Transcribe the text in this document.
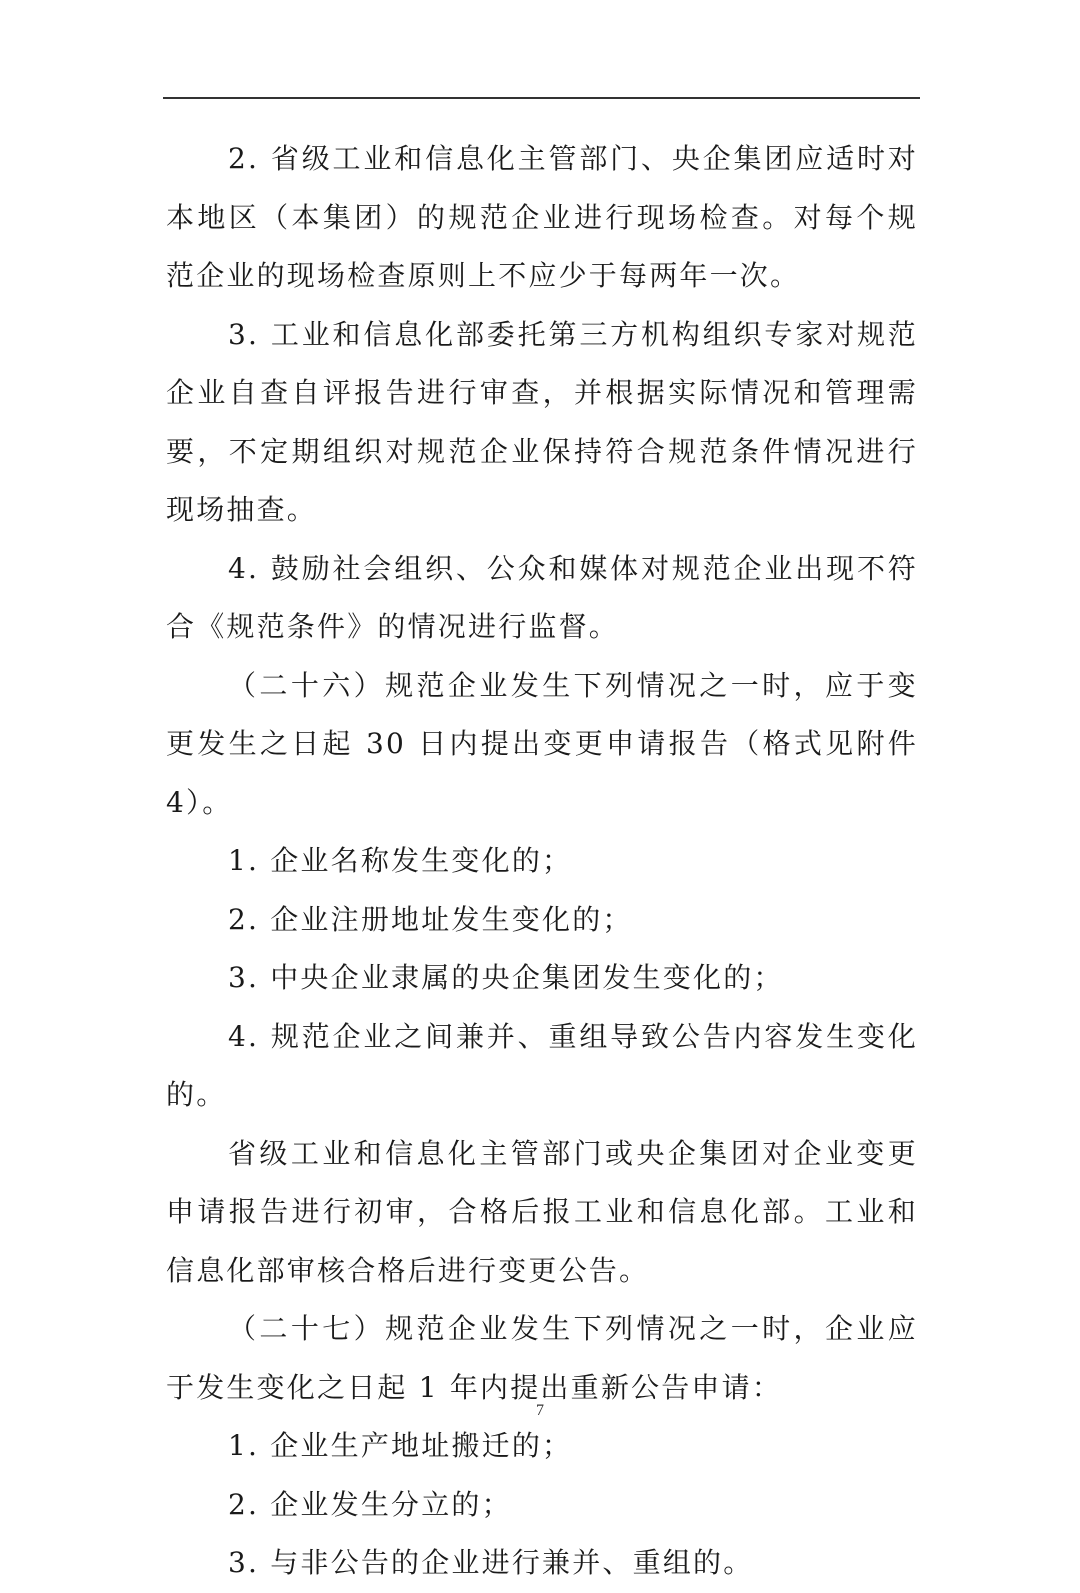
2. 省级工业和信息化主管部门、央企集团应适时对本地区（本集团）的规范企业进行现场检查。对每个规范企业的现场检查原则上不应少于每两年一次。

3. 工业和信息化部委托第三方机构组织专家对规范企业自查自评报告进行审查，并根据实际情况和管理需要，不定期组织对规范企业保持符合规范条件情况进行现场抽查。

4. 鼓励社会组织、公众和媒体对规范企业出现不符合《规范条件》的情况进行监督。

（二十六）规范企业发生下列情况之一时，应于变更发生之日起 30 日内提出变更申请报告（格式见附件 4）。

1. 企业名称发生变化的；

2. 企业注册地址发生变化的；

3. 中央企业隶属的央企集团发生变化的；

4. 规范企业之间兼并、重组导致公告内容发生变化的。

省级工业和信息化主管部门或央企集团对企业变更申请报告进行初审，合格后报工业和信息化部。工业和信息化部审核合格后进行变更公告。

（二十七）规范企业发生下列情况之一时，企业应于发生变化之日起 1 年内提出重新公告申请：

1. 企业生产地址搬迁的；

2. 企业发生分立的；

3. 与非公告的企业进行兼并、重组的。

7
